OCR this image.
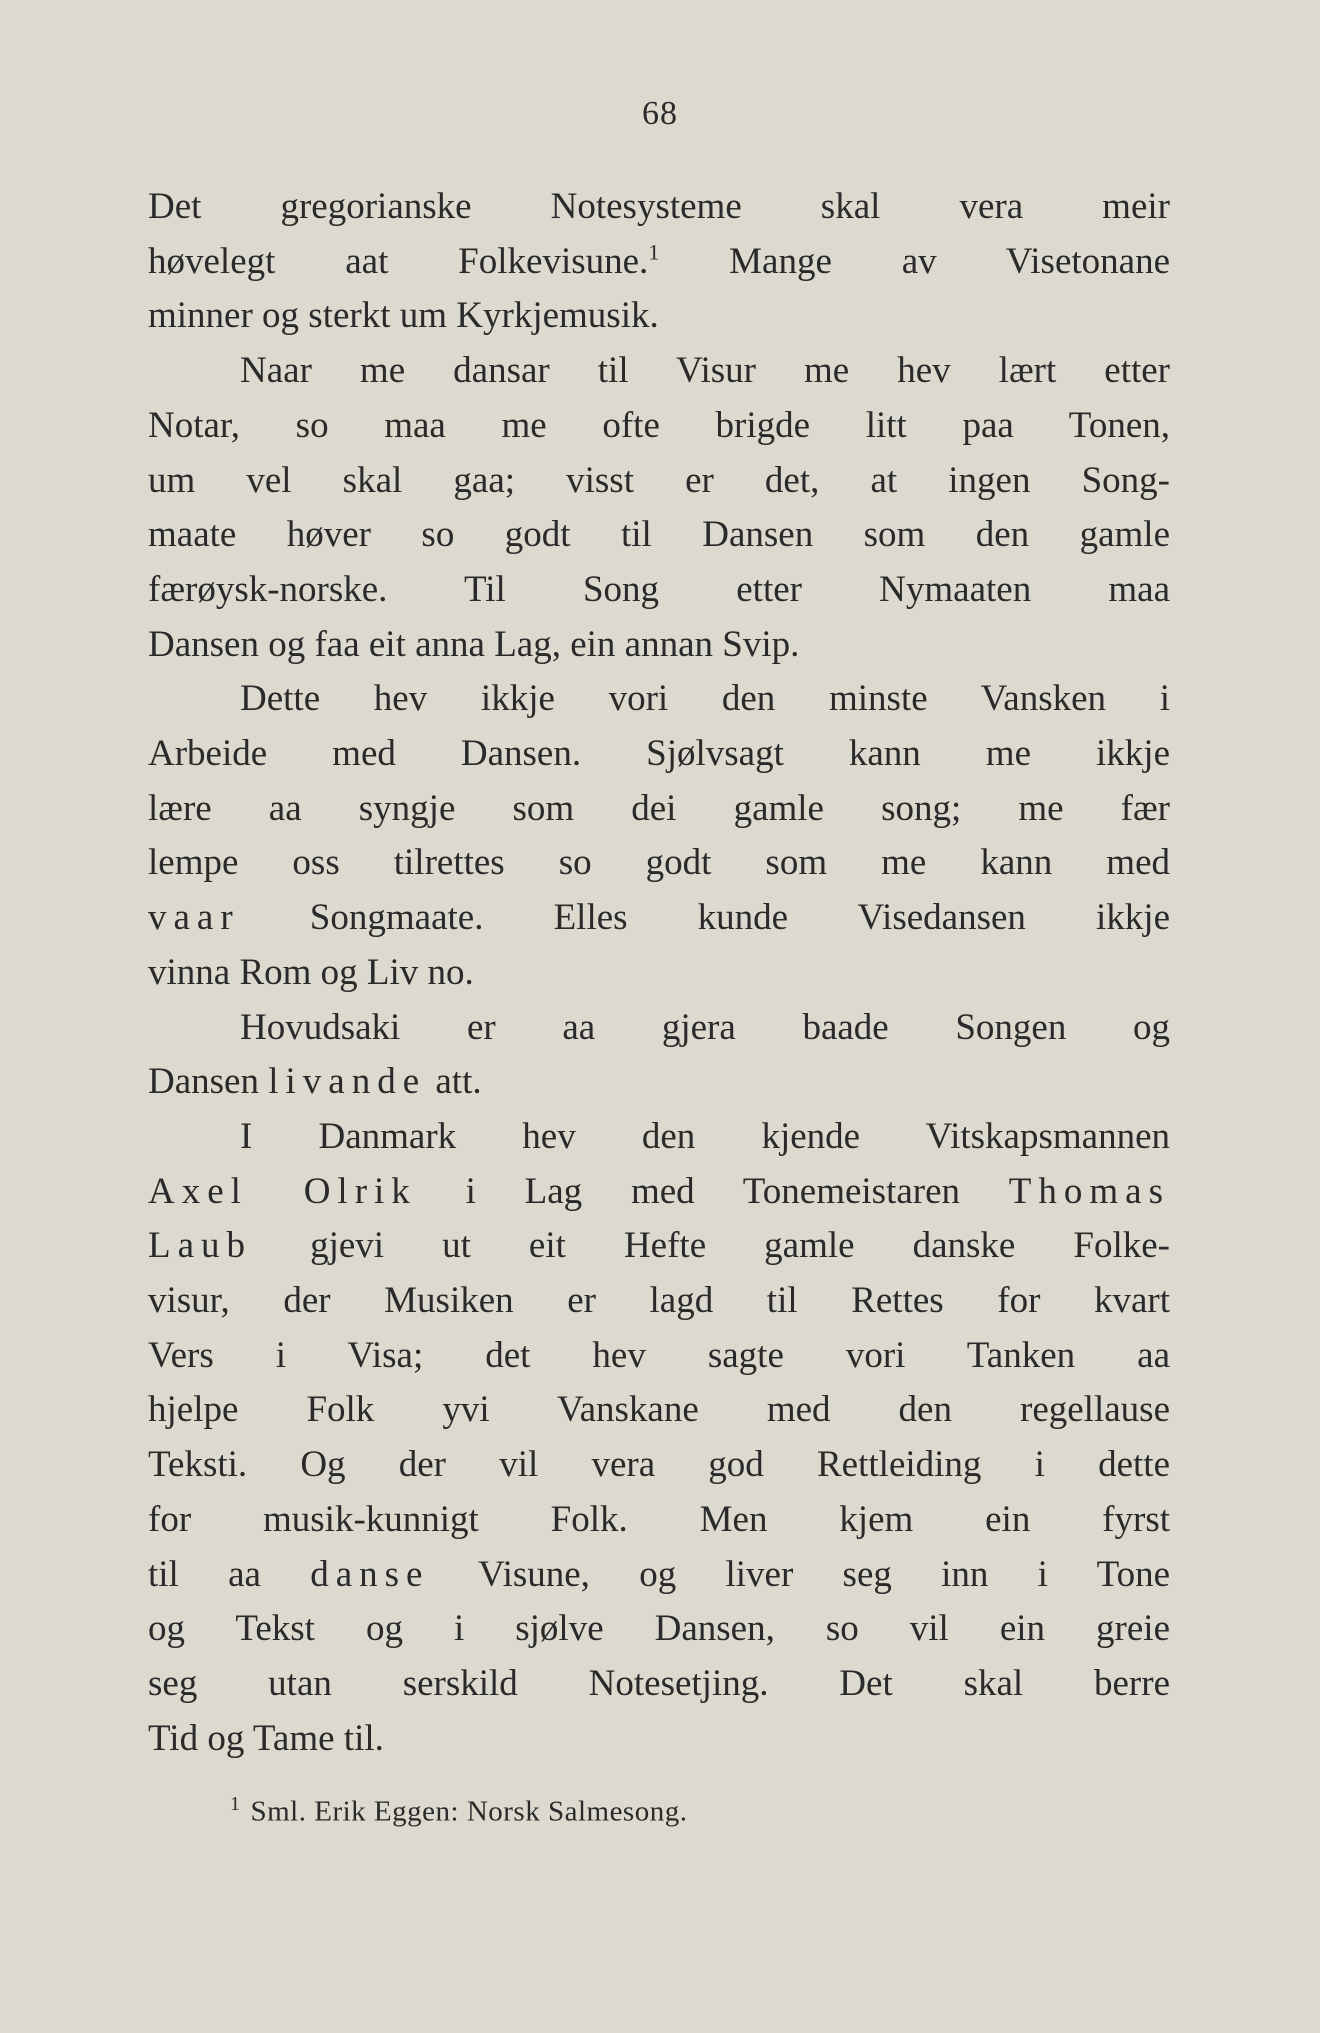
68

Det gregorianske Notesysteme skal vera meir

høvelegt aat Folkevisune.$^1$ Mange av Visetonane

minner og sterkt um Kyrkjemusik.

Naar me dansar til Visur me hev lært etter

Notar, so maa me ofte brigde litt paa Tonen,

um vel skal gaa; visst er det, at ingen Song-

maate høver so godt til Dansen som den gamle

færøysk-norske. Til Song etter Nymaaten maa

Dansen og faa eit anna Lag, ein annan Svip.

Dette hev ikkje vori den minste Vansken i

Arbeide med Dansen. Sjølvsagt kann me ikkje

lære aa syngje som dei gamle song; me fær

lempe oss tilrettes so godt som me kann med

vaar Songmaate. Elles kunde Visedansen ikkje

vinna Rom og Liv no.

Hovudsaki er aa gjera baade Songen og

Dansen livande att.

I Danmark hev den kjende Vitskapsmannen

Axel Olrik i Lag med Tonemeistaren Thomas

Laub gjevi ut eit Hefte gamle danske Folke-

visur, der Musiken er lagd til Rettes for kvart

Vers i Visa; det hev sagte vori Tanken aa

hjelpe Folk yvi Vanskane med den regellause

Teksti. Og der vil vera god Rettleiding i dette

for musik-kunnigt Folk. Men kjem ein fyrst

til aa danse Visune, og liver seg inn i Tone

og Tekst og i sjølve Dansen, so vil ein greie

seg utan serskild Notesetjing. Det skal berre

Tid og Tame til.

$^1$ Sml. Erik Eggen: Norsk Salmesong.
